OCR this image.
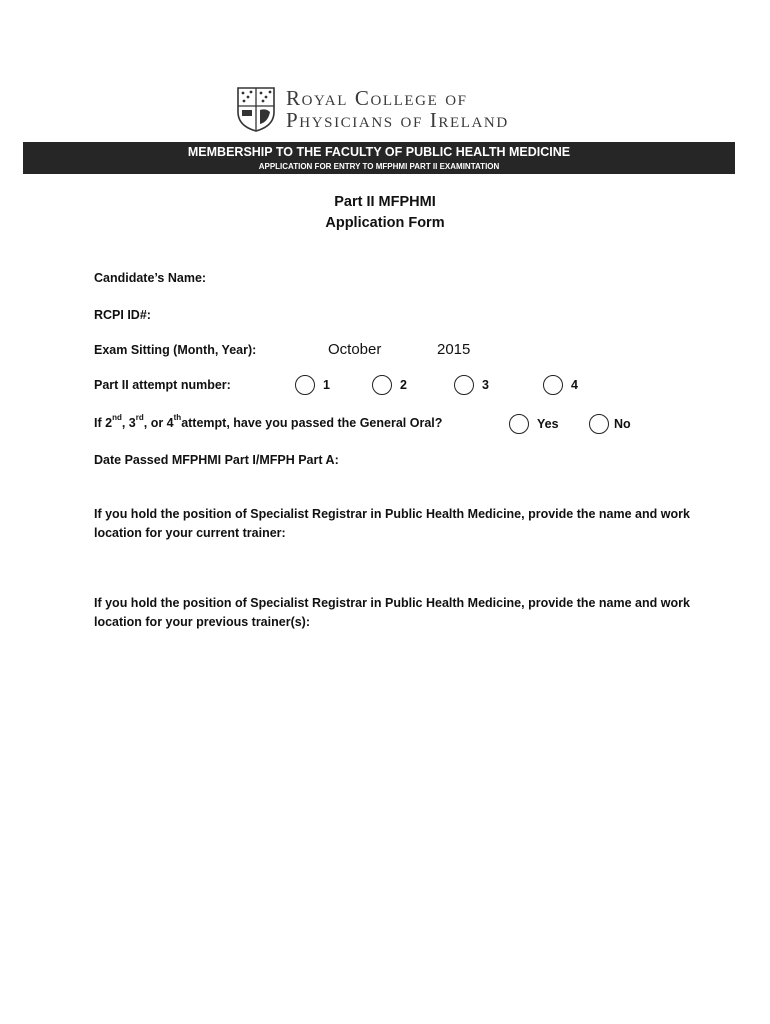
Royal College of
Physicians of Ireland
MEMBERSHIP TO THE FACULTY OF PUBLIC HEALTH MEDICINE
APPLICATION FOR ENTRY TO MFPHMI PART II EXAMINTATION
Part II MFPHMI
Application Form
Candidate’s Name:
RCPI ID#:
Exam Sitting (Month, Year):	October	2015
Part II attempt number:	1	2	3	4
If 2nd, 3rd, or 4thattempt, have you passed the General Oral?	Yes	No
Date Passed MFPHMI Part I/MFPH Part A:
If you hold the position of Specialist Registrar in Public Health Medicine, provide the name and work location for your current trainer:
If you hold the position of Specialist Registrar in Public Health Medicine, provide the name and work location for your previous trainer(s):
